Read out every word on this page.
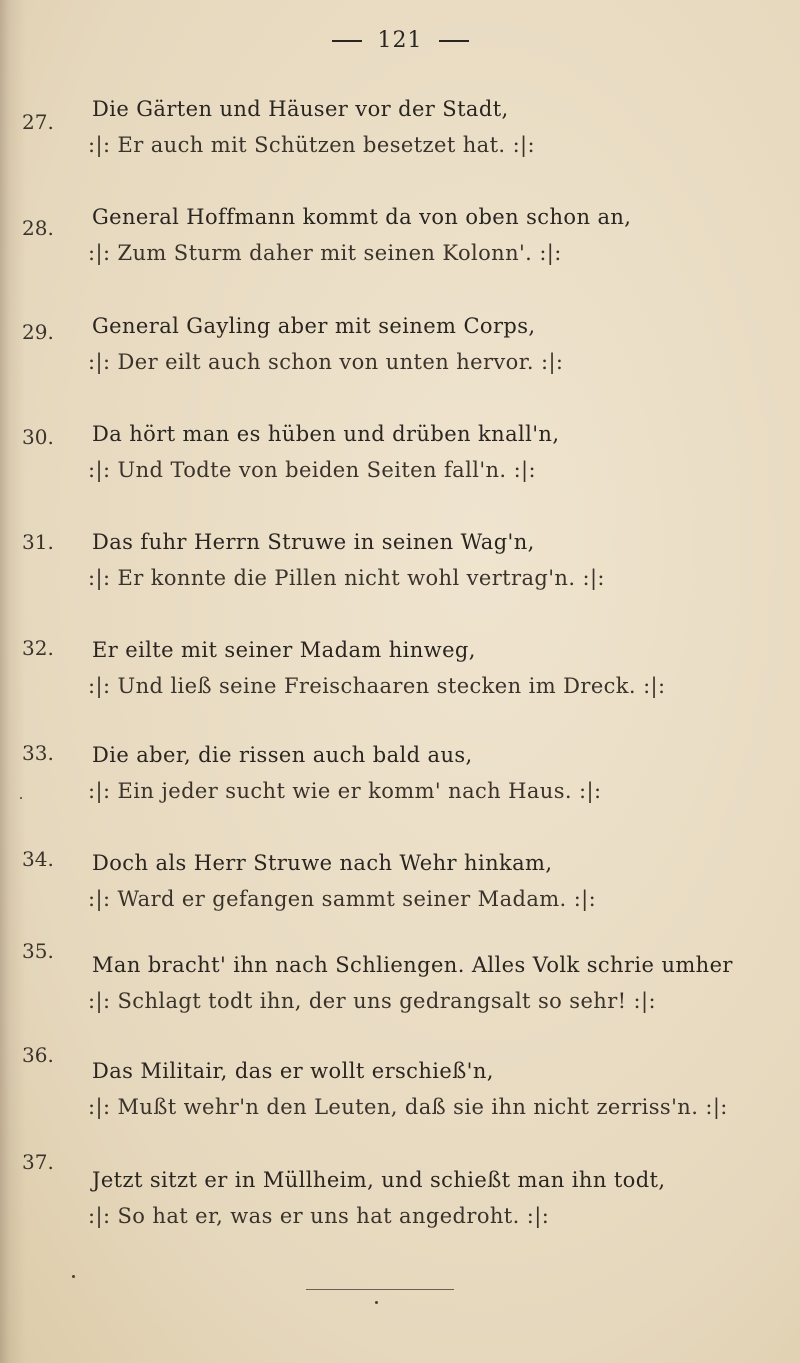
121
27.
Die Gärten und Häuser vor der Stadt,
:|: Er auch mit Schützen besetzet hat. :|:
28.	General Hoffmann kommt da von oben schon an,
:|: Zum Sturm daher mit seinen Kolonn'. :|:
29.	General Gayling aber mit seinem Corps,
:|: Der eilt auch schon von unten hervor. :|:
30.	Da hört man es hüben und drüben knall'n,
:|: Und Todte von beiden Seiten fall'n. :|:
31.	Das fuhr Herrn Struwe in seinen Wag'n,
:|: Er konnte die Pillen nicht wohl vertrag'n. :|:
32.	Er eilte mit seiner Madam hinweg,
:|: Und ließ seine Freischaaren stecken im Dreck. :|:
33.	Die aber, die rissen auch bald aus,
:|: Ein jeder sucht wie er komm' nach Haus. :|:
34.	Doch als Herr Struwe nach Wehr hinkam,
:|: Ward er gefangen sammt seiner Madam. :|:
35.
Man bracht' ihn nach Schliengen. Alles Volk schrie umher
:|: Schlagt todt ihn, der uns gedrangsalt so sehr! :|:
36.
Das Militair, das er wollt erschieß'n,
:|: Mußt wehr'n den Leuten, daß sie ihn nicht zerriss'n. :|:
37.
Jetzt sitzt er in Müllheim, und schießt man ihn todt,
:|: So hat er, was er uns hat angedroht. :|:
